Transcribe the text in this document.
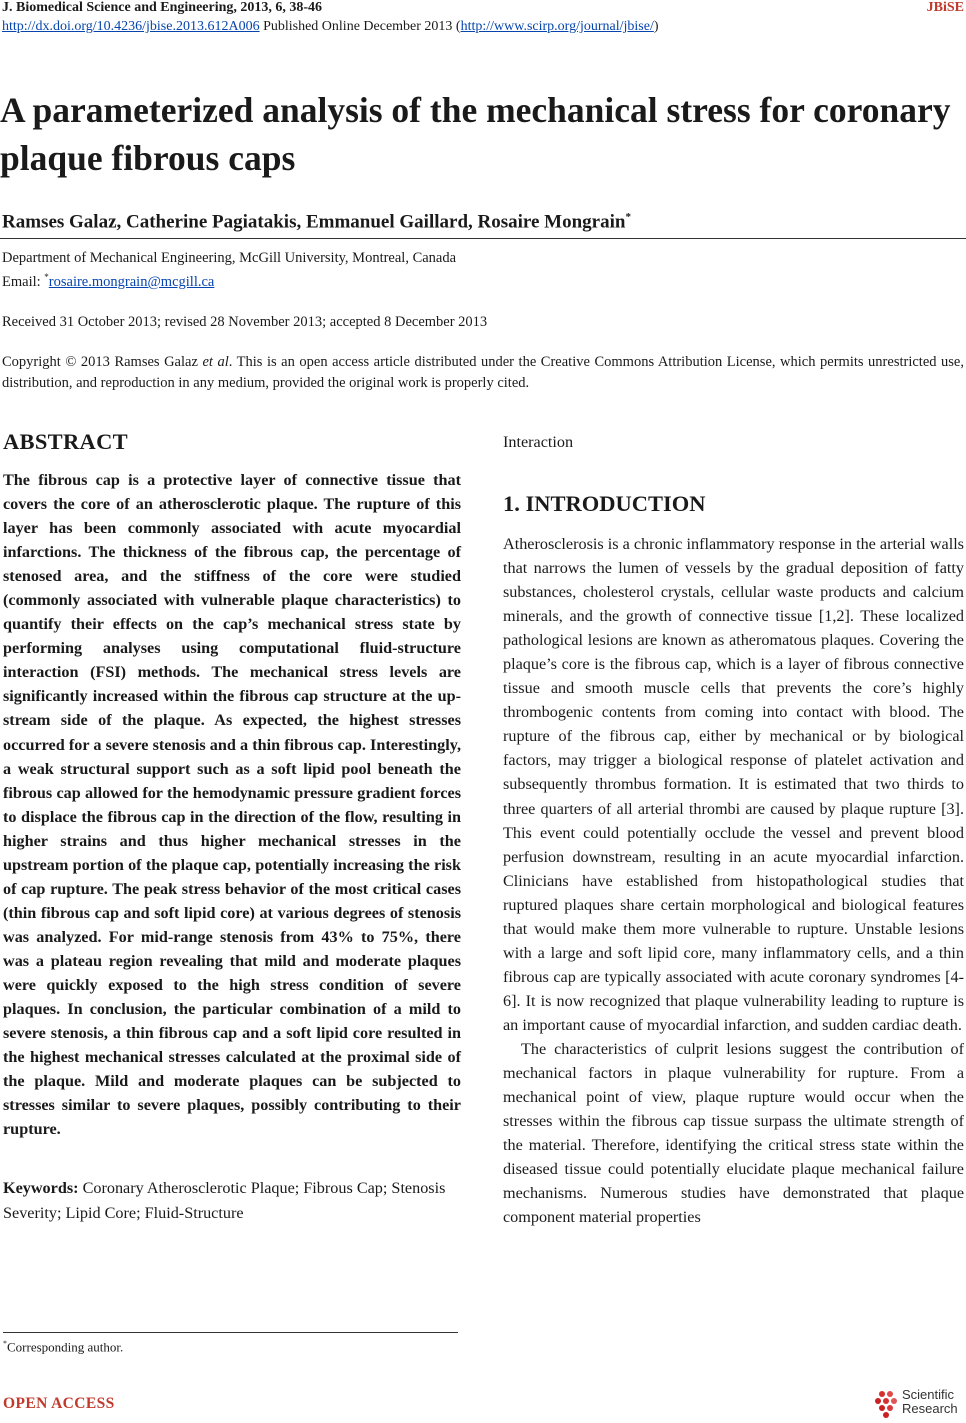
J. Biomedical Science and Engineering, 2013, 6, 38-46	JBiSE
http://dx.doi.org/10.4236/jbise.2013.612A006 Published Online December 2013 (http://www.scirp.org/journal/jbise/)
A parameterized analysis of the mechanical stress for coronary plaque fibrous caps
Ramses Galaz, Catherine Pagiatakis, Emmanuel Gaillard, Rosaire Mongrain*
Department of Mechanical Engineering, McGill University, Montreal, Canada
Email: *rosaire.mongrain@mcgill.ca
Received 31 October 2013; revised 28 November 2013; accepted 8 December 2013
Copyright © 2013 Ramses Galaz et al. This is an open access article distributed under the Creative Commons Attribution License, which permits unrestricted use, distribution, and reproduction in any medium, provided the original work is properly cited.
ABSTRACT

The fibrous cap is a protective layer of connective tissue that covers the core of an atherosclerotic plaque. The rupture of this layer has been commonly associated with acute myocardial infarctions. The thickness of the fibrous cap, the percentage of stenosed area, and the stiffness of the core were studied (commonly associated with vulnerable plaque characteristics) to quantify their effects on the cap’s mechanical stress state by performing analyses using computational fluid-structure interaction (FSI) methods. The mechanical stress levels are significantly increased within the fibrous cap structure at the upstream side of the plaque. As expected, the highest stresses occurred for a severe stenosis and a thin fibrous cap. Interestingly, a weak structural support such as a soft lipid pool beneath the fibrous cap allowed for the hemodynamic pressure gradient forces to displace the fibrous cap in the direction of the flow, resulting in higher strains and thus higher mechanical stresses in the upstream portion of the plaque cap, potentially increasing the risk of cap rupture. The peak stress behavior of the most critical cases (thin fibrous cap and soft lipid core) at various degrees of stenosis was analyzed. For mid-range stenosis from 43% to 75%, there was a plateau region revealing that mild and moderate plaques were quickly exposed to the high stress condition of severe plaques. In conclusion, the particular combination of a mild to severe stenosis, a thin fibrous cap and a soft lipid core resulted in the highest mechanical stresses calculated at the proximal side of the plaque. Mild and moderate plaques can be subjected to stresses similar to severe plaques, possibly contributing to their rupture.

Keywords: Coronary Atherosclerotic Plaque; Fibrous Cap; Stenosis Severity; Lipid Core; Fluid-Structure

*Corresponding author.

Interaction

1. INTRODUCTION

Atherosclerosis is a chronic inflammatory response in the arterial walls that narrows the lumen of vessels by the gradual deposition of fatty substances, cholesterol crystals, cellular waste products and calcium minerals, and the growth of connective tissue [1,2]. These localized pathological lesions are known as atheromatous plaques. Covering the plaque’s core is the fibrous cap, which is a layer of fibrous connective tissue and smooth muscle cells that prevents the core’s highly thrombogenic contents from coming into contact with blood. The rupture of the fibrous cap, either by mechanical or by biological factors, may trigger a biological response of platelet activation and subsequently thrombus formation. It is estimated that two thirds to three quarters of all arterial thrombi are caused by plaque rupture [3]. This event could potentially occlude the vessel and prevent blood perfusion downstream, resulting in an acute myocardial infarction. Clinicians have established from histopathological studies that ruptured plaques share certain morphological and biological features that would make them more vulnerable to rupture. Unstable lesions with a large and soft lipid core, many inflammatory cells, and a thin fibrous cap are typically associated with acute coronary syndromes [4-6]. It is now recognized that plaque vulnerability leading to rupture is an important cause of myocardial infarction, and sudden cardiac death.

The characteristics of culprit lesions suggest the contribution of mechanical factors in plaque vulnerability for rupture. From a mechanical point of view, plaque rupture would occur when the stresses within the fibrous cap tissue surpass the ultimate strength of the material. Therefore, identifying the critical stress state within the diseased tissue could potentially elucidate plaque mechanical failure mechanisms. Numerous studies have demonstrated that plaque component material properties

OPEN ACCESS
Scientific
Research
